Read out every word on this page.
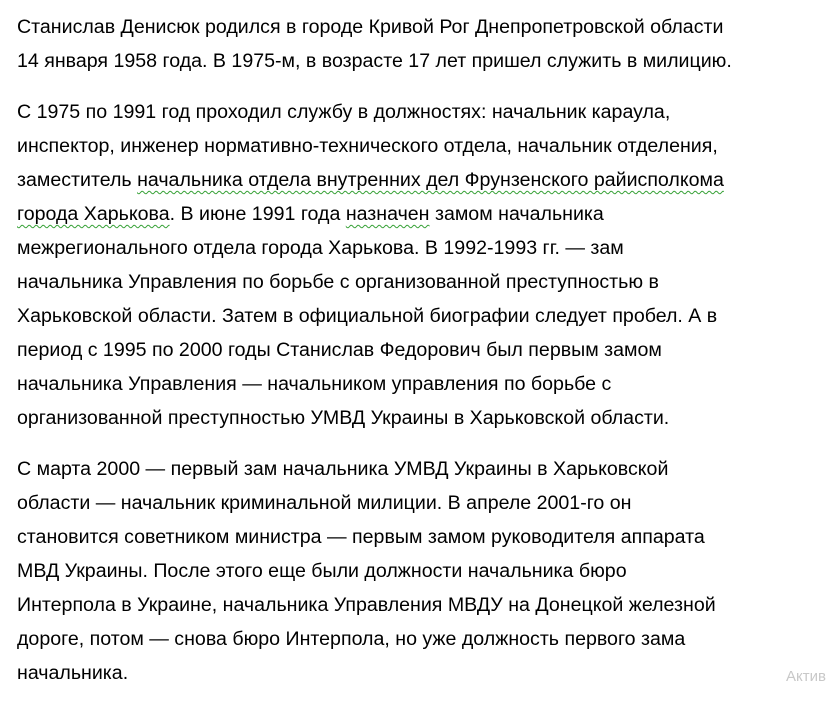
Станислав Денисюк родился в городе Кривой Рог Днепропетровской области
14 января 1958 года. В 1975-м, в возрасте 17 лет пришел служить в милицию.
С 1975 по 1991 год проходил службу в должностях: начальник караула,
инспектор, инженер нормативно-технического отдела, начальник отделения,
заместитель начальника отдела внутренних дел Фрунзенского райисполкома
города Харькова. В июне 1991 года назначен замом начальника
межрегионального отдела города Харькова. В 1992-1993 гг. — зам
начальника Управления по борьбе с организованной преступностью в
Харьковской области. Затем в официальной биографии следует пробел. А в
период с 1995 по 2000 годы Станислав Федорович был первым замом
начальника Управления — начальником управления по борьбе с
организованной преступностью УМВД Украины в Харьковской области.
С марта 2000 — первый зам начальника УМВД Украины в Харьковской
области — начальник криминальной милиции. В апреле 2001-го он
становится советником министра — первым замом руководителя аппарата
МВД Украины. После этого еще были должности начальника бюро
Интерпола в Украине, начальника Управления МВДУ на Донецкой железной
дороге, потом — снова бюро Интерпола, но уже должность первого зама
начальника.	Актив
